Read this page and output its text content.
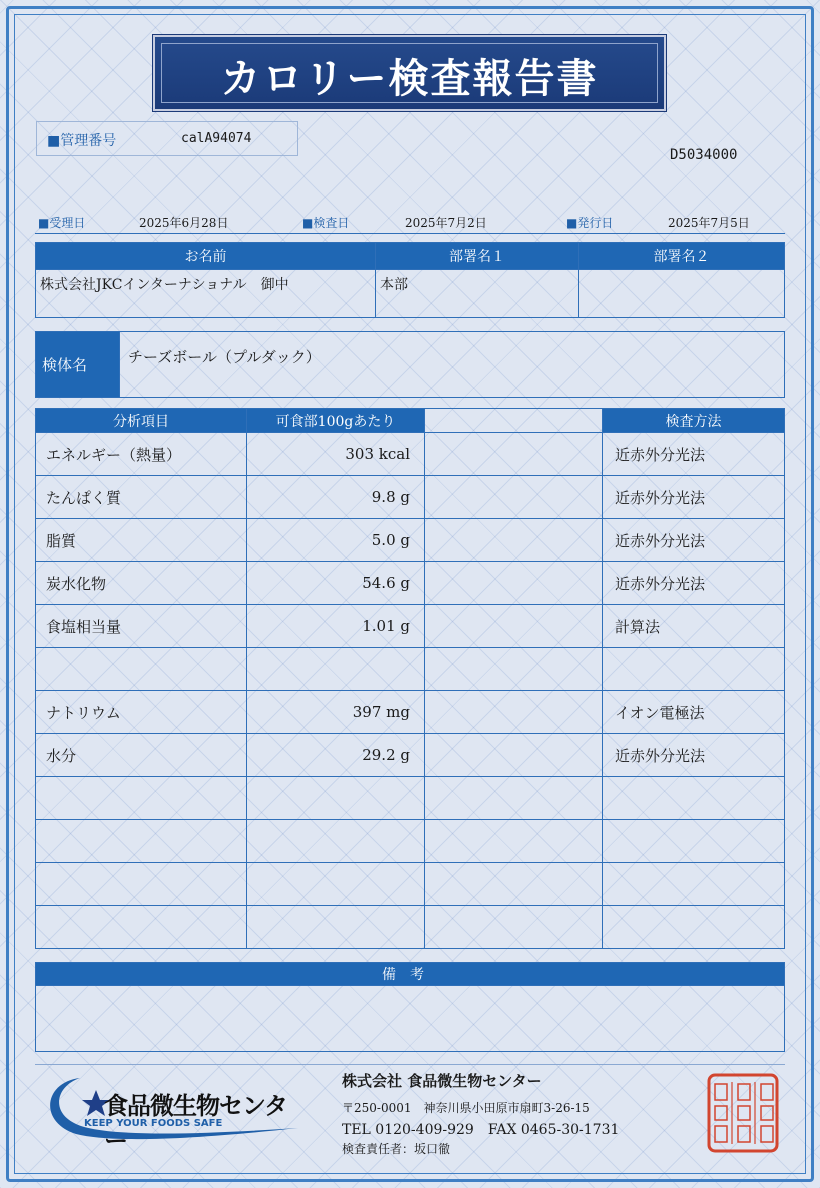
カロリー検査報告書
■管理番号	calA94074
D5034000
■受理日	2025年6月28日	■検査日	2025年7月2日	■発行日	2025年7月5日
お名前	部署名１	部署名２
株式会社JKCインターナショナル　御中	本部	
検体名	チーズボール（プルダック）
分析項目	可食部100gあたり		検査方法
エネルギー（熱量）	303 kcal		近赤外分光法
たんぱく質	9.8 g		近赤外分光法
脂質	5.0 g		近赤外分光法
炭水化物	54.6 g		近赤外分光法
食塩相当量	1.01 g		計算法

ナトリウム	397 mg		イオン電極法
水分	29.2 g		近赤外分光法

備考

食品微生物センター
KEEP YOUR FOODS SAFE
株式会社 食品微生物センター
〒250-0001　神奈川県小田原市扇町3-26-15
TEL 0120-409-929　FAX 0465-30-1731
検査責任者：坂口徹
